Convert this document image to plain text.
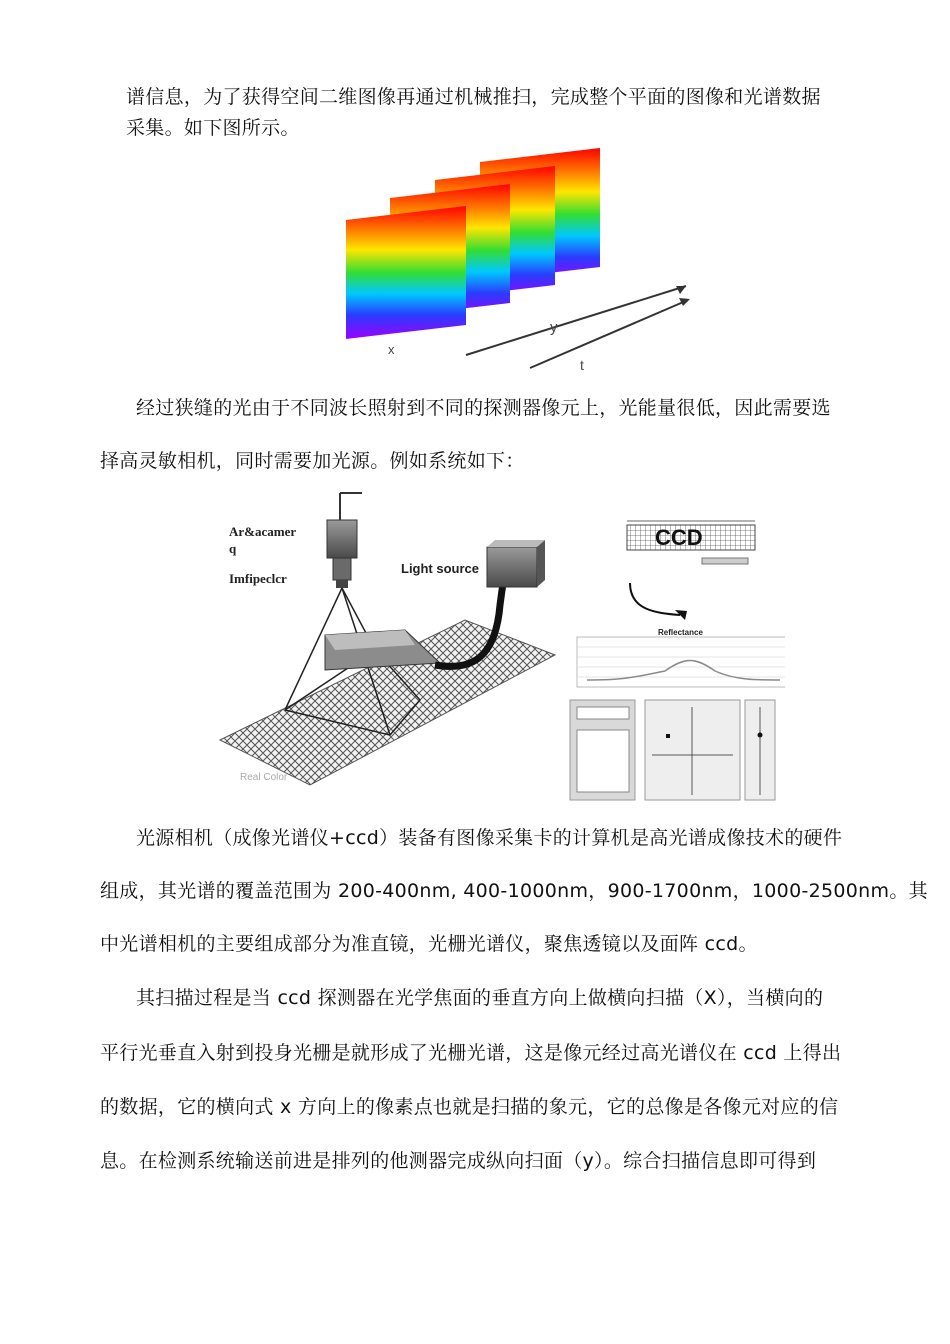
谱信息，为了获得空间二维图像再通过机械推扫，完成整个平面的图像和光谱数据
采集。如下图所示。
x
y
t
经过狭缝的光由于不同波长照射到不同的探测器像元上，光能量很低，因此需要选
择高灵敏相机，同时需要加光源。例如系统如下：
Light source
Real Color
CCD
Reflectance
Ar&acamer
q
Imfipeclcr
光源相机（成像光谱仪+ccd）装备有图像采集卡的计算机是高光谱成像技术的硬件
组成，其光谱的覆盖范围为 200-400nm, 400-1000nm，900-1700nm，1000-2500nm。其
中光谱相机的主要组成部分为准直镜，光栅光谱仪，聚焦透镜以及面阵 ccd。
其扫描过程是当 ccd 探测器在光学焦面的垂直方向上做横向扫描（X），当横向的
平行光垂直入射到投身光栅是就形成了光栅光谱，这是像元经过高光谱仪在 ccd 上得出
的数据，它的横向式 x 方向上的像素点也就是扫描的象元，它的总像是各像元对应的信
息。在检测系统输送前进是排列的他测器完成纵向扫面（y）。综合扫描信息即可得到
